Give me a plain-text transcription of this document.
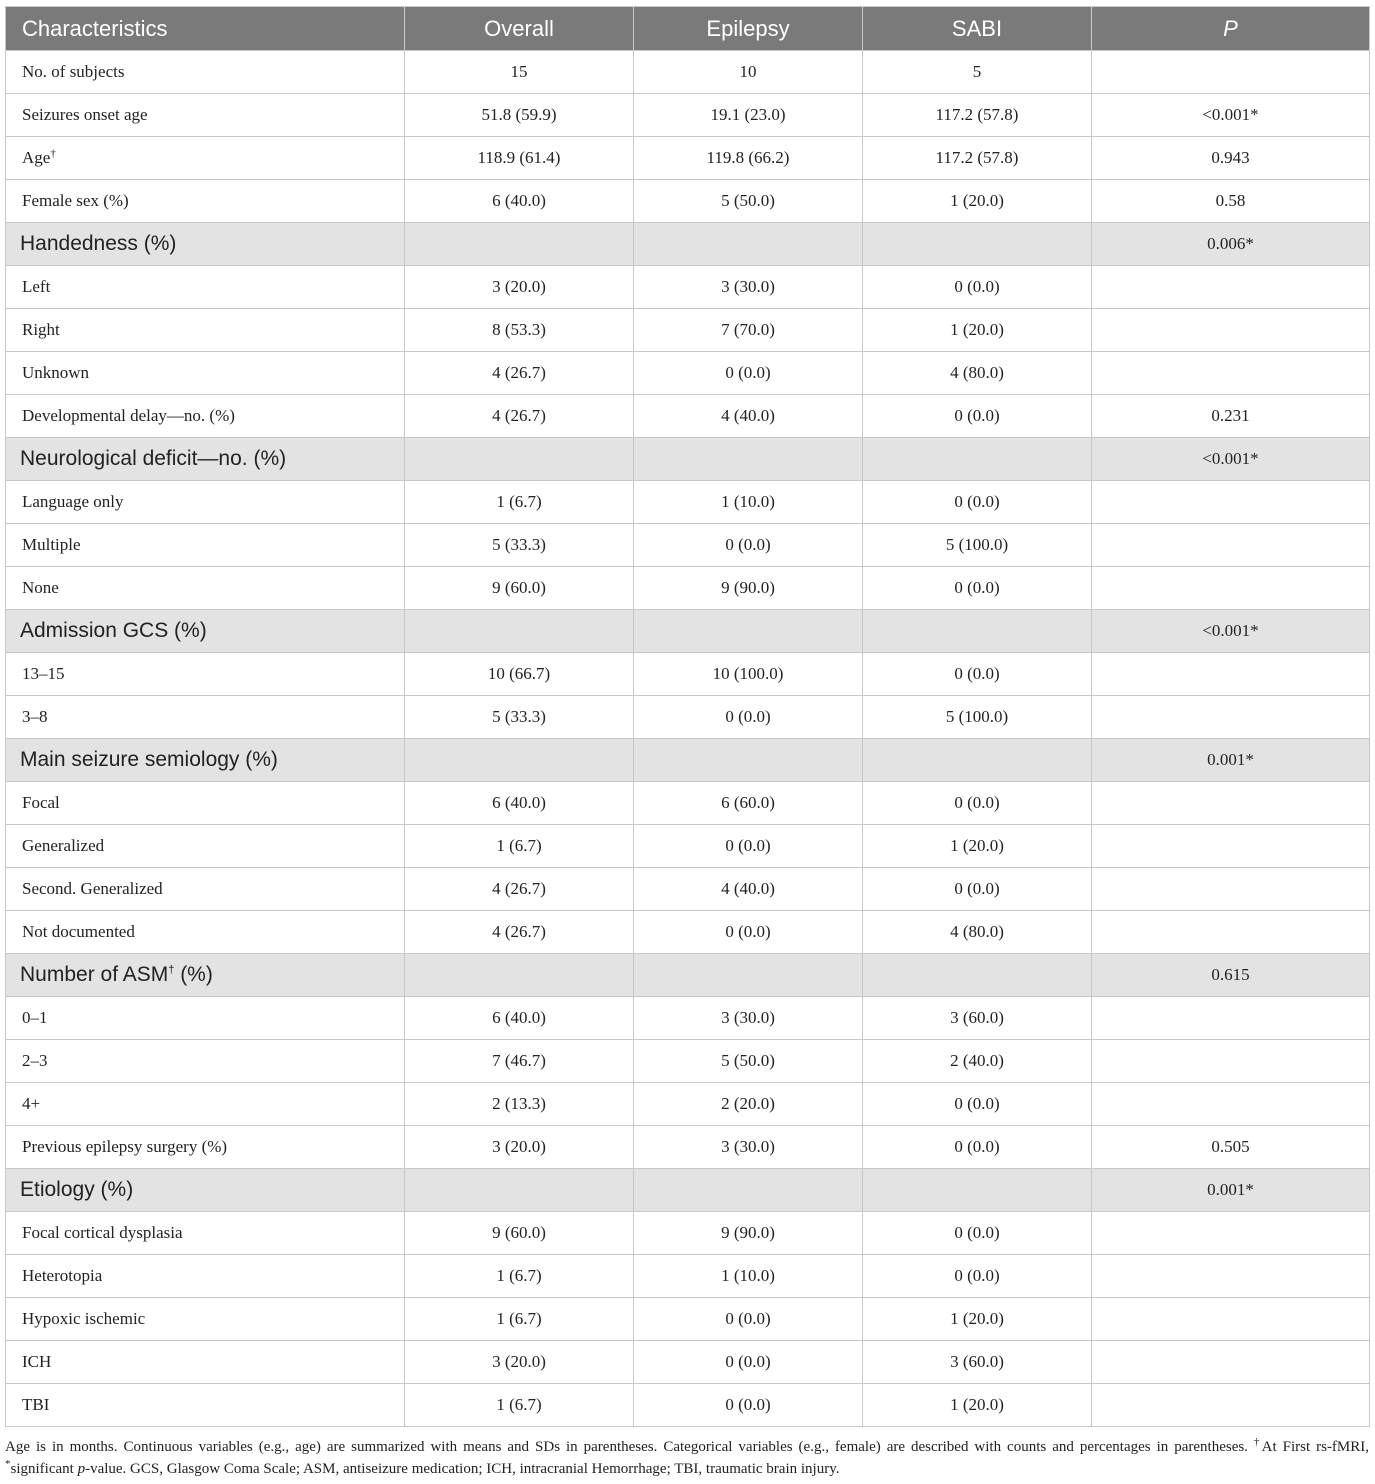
Characteristics	Overall	Epilepsy	SABI	P
No. of subjects	15	10	5	
Seizures onset age	51.8 (59.9)	19.1 (23.0)	117.2 (57.8)	<0.001*
Age†	118.9 (61.4)	119.8 (66.2)	117.2 (57.8)	0.943
Female sex (%)	6 (40.0)	5 (50.0)	1 (20.0)	0.58
Handedness (%)				0.006*
Left	3 (20.0)	3 (30.0)	0 (0.0)	
Right	8 (53.3)	7 (70.0)	1 (20.0)	
Unknown	4 (26.7)	0 (0.0)	4 (80.0)	
Developmental delay—no. (%)	4 (26.7)	4 (40.0)	0 (0.0)	0.231
Neurological deficit—no. (%)				<0.001*
Language only	1 (6.7)	1 (10.0)	0 (0.0)	
Multiple	5 (33.3)	0 (0.0)	5 (100.0)	
None	9 (60.0)	9 (90.0)	0 (0.0)	
Admission GCS (%)				<0.001*
13–15	10 (66.7)	10 (100.0)	0 (0.0)	
3–8	5 (33.3)	0 (0.0)	5 (100.0)	
Main seizure semiology (%)				0.001*
Focal	6 (40.0)	6 (60.0)	0 (0.0)	
Generalized	1 (6.7)	0 (0.0)	1 (20.0)	
Second. Generalized	4 (26.7)	4 (40.0)	0 (0.0)	
Not documented	4 (26.7)	0 (0.0)	4 (80.0)	
Number of ASM† (%)				0.615
0–1	6 (40.0)	3 (30.0)	3 (60.0)	
2–3	7 (46.7)	5 (50.0)	2 (40.0)	
4+	2 (13.3)	2 (20.0)	0 (0.0)	
Previous epilepsy surgery (%)	3 (20.0)	3 (30.0)	0 (0.0)	0.505
Etiology (%)				0.001*
Focal cortical dysplasia	9 (60.0)	9 (90.0)	0 (0.0)	
Heterotopia	1 (6.7)	1 (10.0)	0 (0.0)	
Hypoxic ischemic	1 (6.7)	0 (0.0)	1 (20.0)	
ICH	3 (20.0)	0 (0.0)	3 (60.0)	
TBI	1 (6.7)	0 (0.0)	1 (20.0)	
Age is in months. Continuous variables (e.g., age) are summarized with means and SDs in parentheses. Categorical variables (e.g., female) are described with counts and percentages in parentheses. †At First rs-fMRI, *significant p-value. GCS, Glasgow Coma Scale; ASM, antiseizure medication; ICH, intracranial Hemorrhage; TBI, traumatic brain injury.
